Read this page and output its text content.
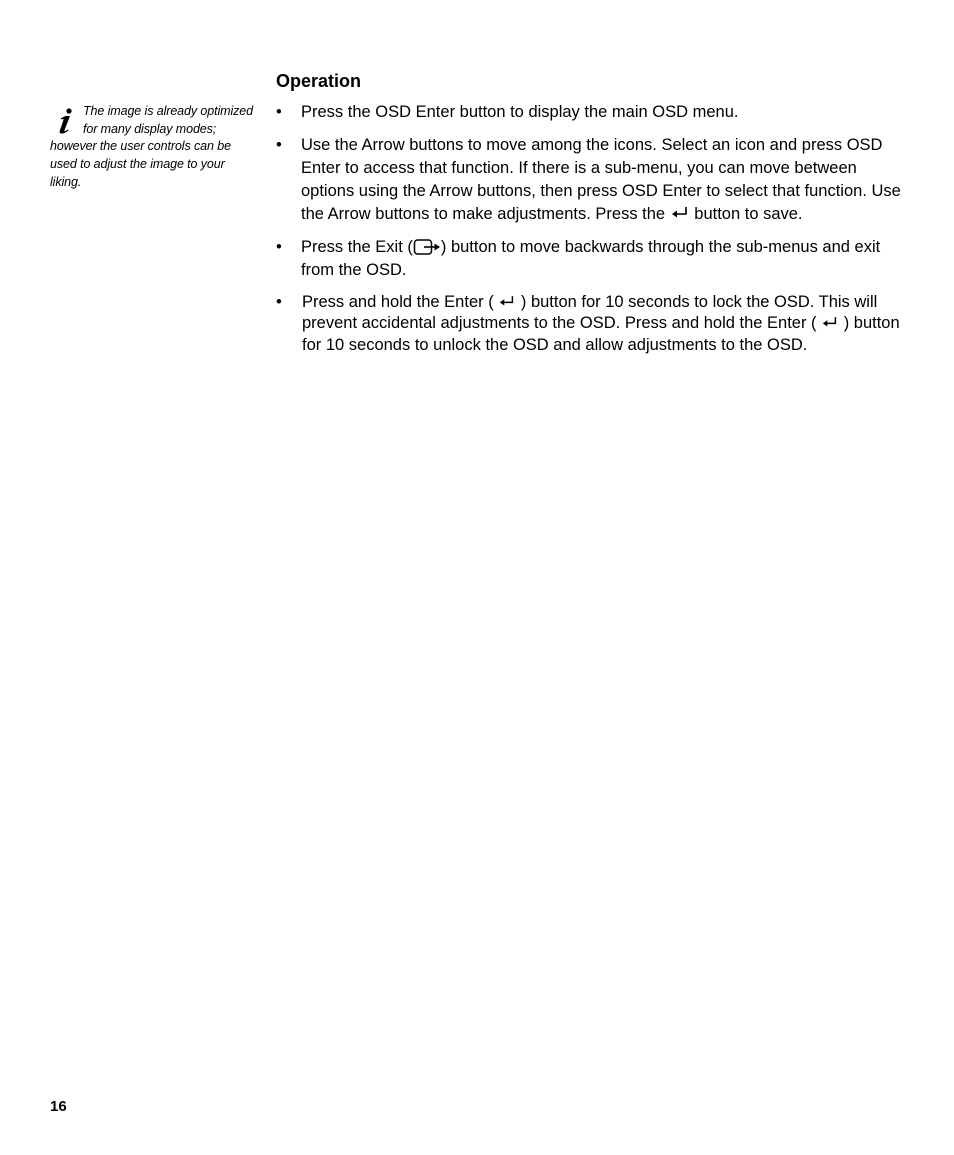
The image is already optimized for many display modes; however the user controls can be used to adjust the image to your liking.
Operation
• Press the OSD Enter button to display the main OSD menu.
• Use the Arrow buttons to move among the icons. Select an icon and press OSD Enter to access that function. If there is a sub-menu, you can move between options using the Arrow buttons, then press OSD Enter to select that function. Use the Arrow buttons to make adjustments. Press the  button to save.
• Press the Exit ( ) button to move backwards through the sub-menus and exit from the OSD.
• Press and hold the Enter (  ) button for 10 seconds to lock the OSD. This will prevent accidental adjustments to the OSD. Press and hold the Enter (  ) button for 10 seconds to unlock the OSD and allow adjustments to the OSD.
16
